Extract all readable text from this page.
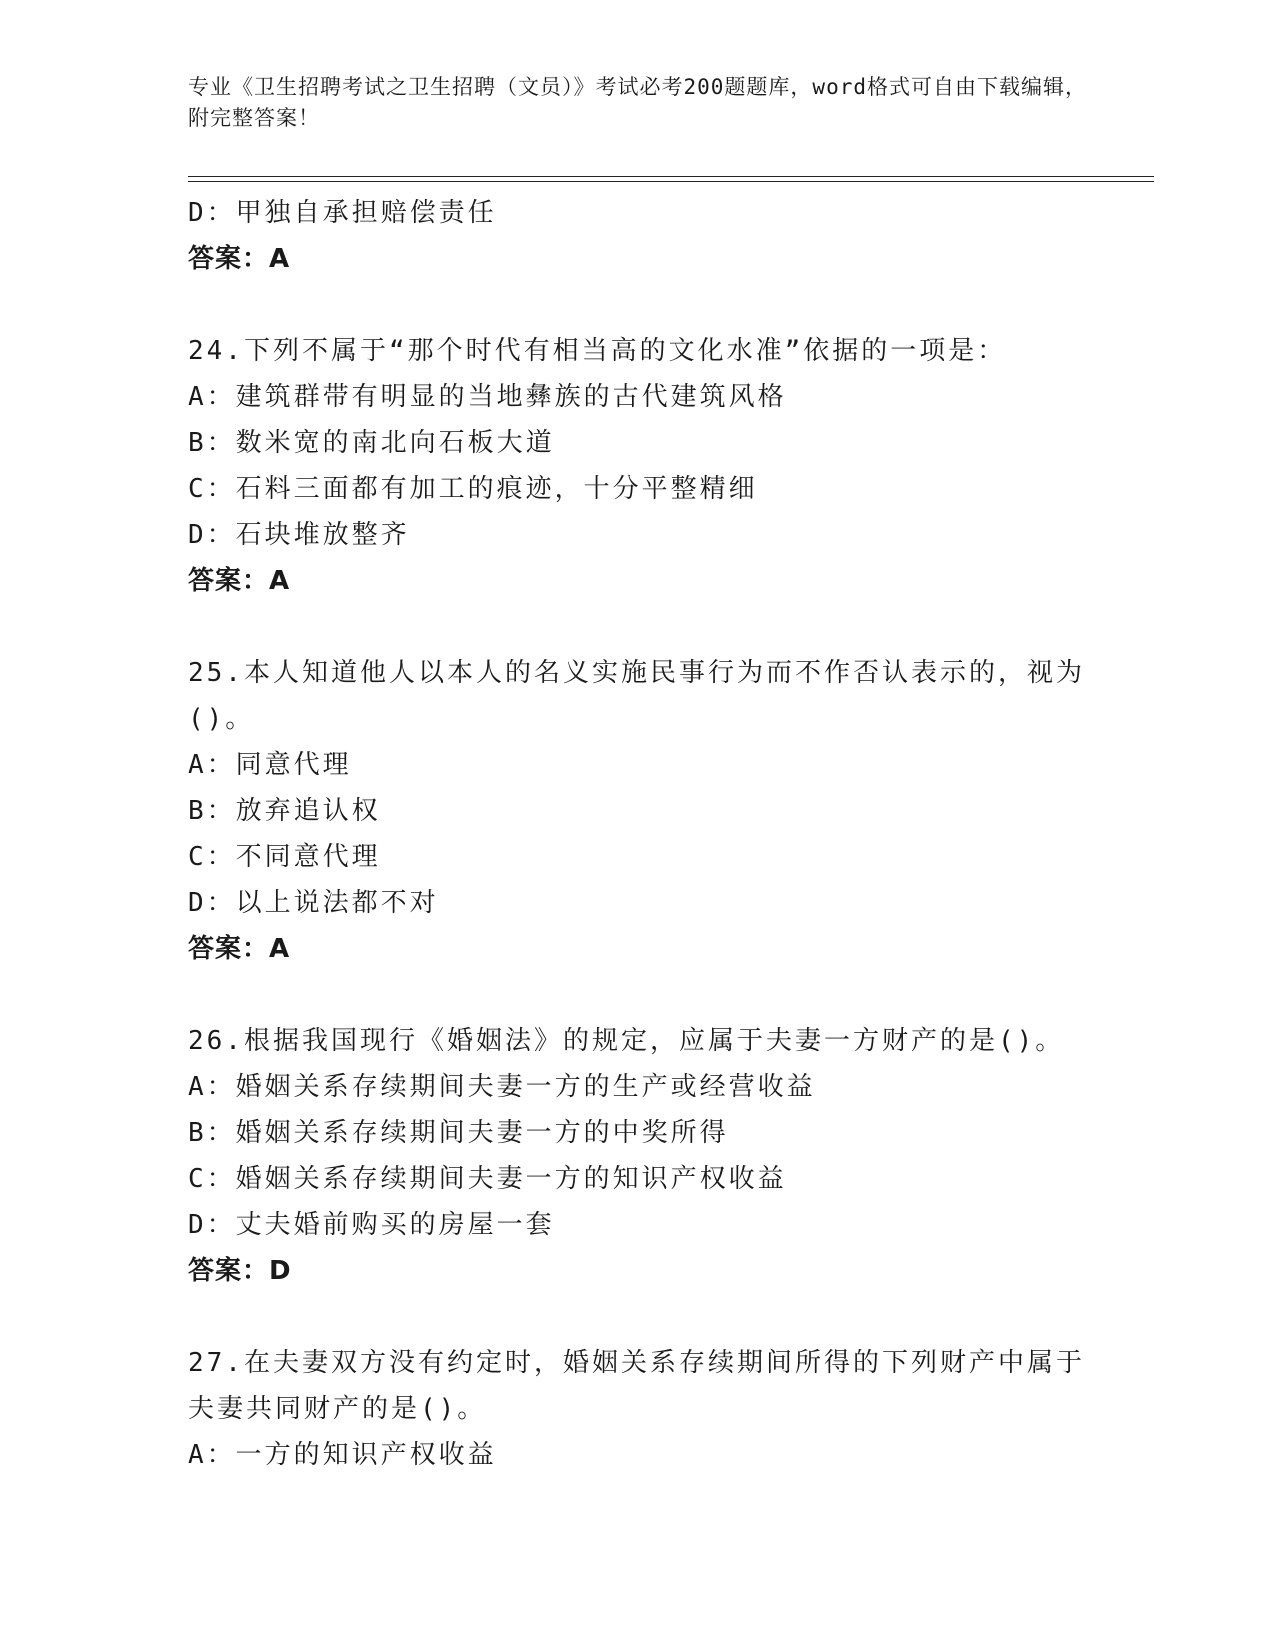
专业《卫生招聘考试之卫生招聘（文员）》考试必考200题题库，word格式可自由下载编辑，附完整答案！
D：甲独自承担赔偿责任
答案：A
24.下列不属于“那个时代有相当高的文化水准”依据的一项是：
A：建筑群带有明显的当地彝族的古代建筑风格
B：数米宽的南北向石板大道
C：石料三面都有加工的痕迹，十分平整精细
D：石块堆放整齐
答案：A
25.本人知道他人以本人的名义实施民事行为而不作否认表示的，视为
()。
A：同意代理
B：放弃追认权
C：不同意代理
D：以上说法都不对
答案：A
26.根据我国现行《婚姻法》的规定，应属于夫妻一方财产的是()。
A：婚姻关系存续期间夫妻一方的生产或经营收益
B：婚姻关系存续期间夫妻一方的中奖所得
C：婚姻关系存续期间夫妻一方的知识产权收益
D：丈夫婚前购买的房屋一套
答案：D
27.在夫妻双方没有约定时，婚姻关系存续期间所得的下列财产中属于
夫妻共同财产的是()。
A：一方的知识产权收益
